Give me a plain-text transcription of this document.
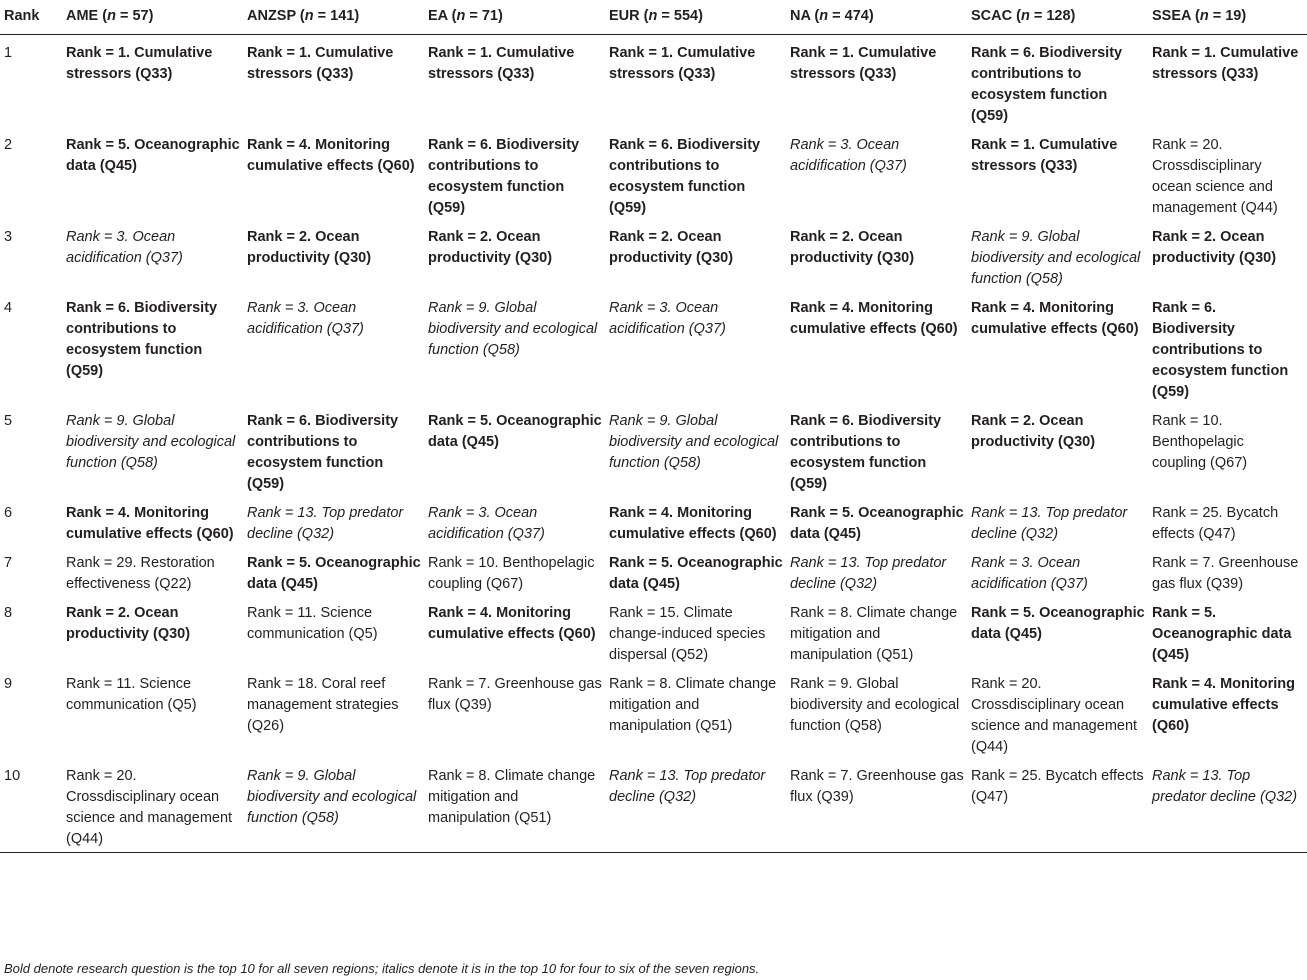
Rank	AME (n = 57)	ANZSP (n = 141)	EA (n = 71)	EUR (n = 554)	NA (n = 474)	SCAC (n = 128)	SSEA (n = 19)
1	Rank = 1. Cumulative stressors (Q33)	Rank = 1. Cumulative stressors (Q33)	Rank = 1. Cumulative stressors (Q33)	Rank = 1. Cumulative stressors (Q33)	Rank = 1. Cumulative stressors (Q33)	Rank = 6. Biodiversity contributions to ecosystem function (Q59)	Rank = 1. Cumulative stressors (Q33)
2	Rank = 5. Oceanographic data (Q45)	Rank = 4. Monitoring cumulative effects (Q60)	Rank = 6. Biodiversity contributions to ecosystem function (Q59)	Rank = 6. Biodiversity contributions to ecosystem function (Q59)	Rank = 3. Ocean acidification (Q37)	Rank = 1. Cumulative stressors (Q33)	Rank = 20. Crossdisciplinary ocean science and management (Q44)
3	Rank = 3. Ocean acidification (Q37)	Rank = 2. Ocean productivity (Q30)	Rank = 2. Ocean productivity (Q30)	Rank = 2. Ocean productivity (Q30)	Rank = 2. Ocean productivity (Q30)	Rank = 9. Global biodiversity and ecological function (Q58)	Rank = 2. Ocean productivity (Q30)
4	Rank = 6. Biodiversity contributions to ecosystem function (Q59)	Rank = 3. Ocean acidification (Q37)	Rank = 9. Global biodiversity and ecological function (Q58)	Rank = 3. Ocean acidification (Q37)	Rank = 4. Monitoring cumulative effects (Q60)	Rank = 4. Monitoring cumulative effects (Q60)	Rank = 6. Biodiversity contributions to ecosystem function (Q59)
5	Rank = 9. Global biodiversity and ecological function (Q58)	Rank = 6. Biodiversity contributions to ecosystem function (Q59)	Rank = 5. Oceanographic data (Q45)	Rank = 9. Global biodiversity and ecological function (Q58)	Rank = 6. Biodiversity contributions to ecosystem function (Q59)	Rank = 2. Ocean productivity (Q30)	Rank = 10. Benthopelagic coupling (Q67)
6	Rank = 4. Monitoring cumulative effects (Q60)	Rank = 13. Top predator decline (Q32)	Rank = 3. Ocean acidification (Q37)	Rank = 4. Monitoring cumulative effects (Q60)	Rank = 5. Oceanographic data (Q45)	Rank = 13. Top predator decline (Q32)	Rank = 25. Bycatch effects (Q47)
7	Rank = 29. Restoration effectiveness (Q22)	Rank = 5. Oceanographic data (Q45)	Rank = 10. Benthopelagic coupling (Q67)	Rank = 5. Oceanographic data (Q45)	Rank = 13. Top predator decline (Q32)	Rank = 3. Ocean acidification (Q37)	Rank = 7. Greenhouse gas flux (Q39)
8	Rank = 2. Ocean productivity (Q30)	Rank = 11. Science communication (Q5)	Rank = 4. Monitoring cumulative effects (Q60)	Rank = 15. Climate change-induced species dispersal (Q52)	Rank = 8. Climate change mitigation and manipulation (Q51)	Rank = 5. Oceanographic data (Q45)	Rank = 5. Oceanographic data (Q45)
9	Rank = 11. Science communication (Q5)	Rank = 18. Coral reef management strategies (Q26)	Rank = 7. Greenhouse gas flux (Q39)	Rank = 8. Climate change mitigation and manipulation (Q51)	Rank = 9. Global biodiversity and ecological function (Q58)	Rank = 20. Crossdisciplinary ocean science and management (Q44)	Rank = 4. Monitoring cumulative effects (Q60)
10	Rank = 20. Crossdisciplinary ocean science and management (Q44)	Rank = 9. Global biodiversity and ecological function (Q58)	Rank = 8. Climate change mitigation and manipulation (Q51)	Rank = 13. Top predator decline (Q32)	Rank = 7. Greenhouse gas flux (Q39)	Rank = 25. Bycatch effects (Q47)	Rank = 13. Top predator decline (Q32)
Bold denote research question is the top 10 for all seven regions; italics denote it is in the top 10 for four to six of the seven regions.
